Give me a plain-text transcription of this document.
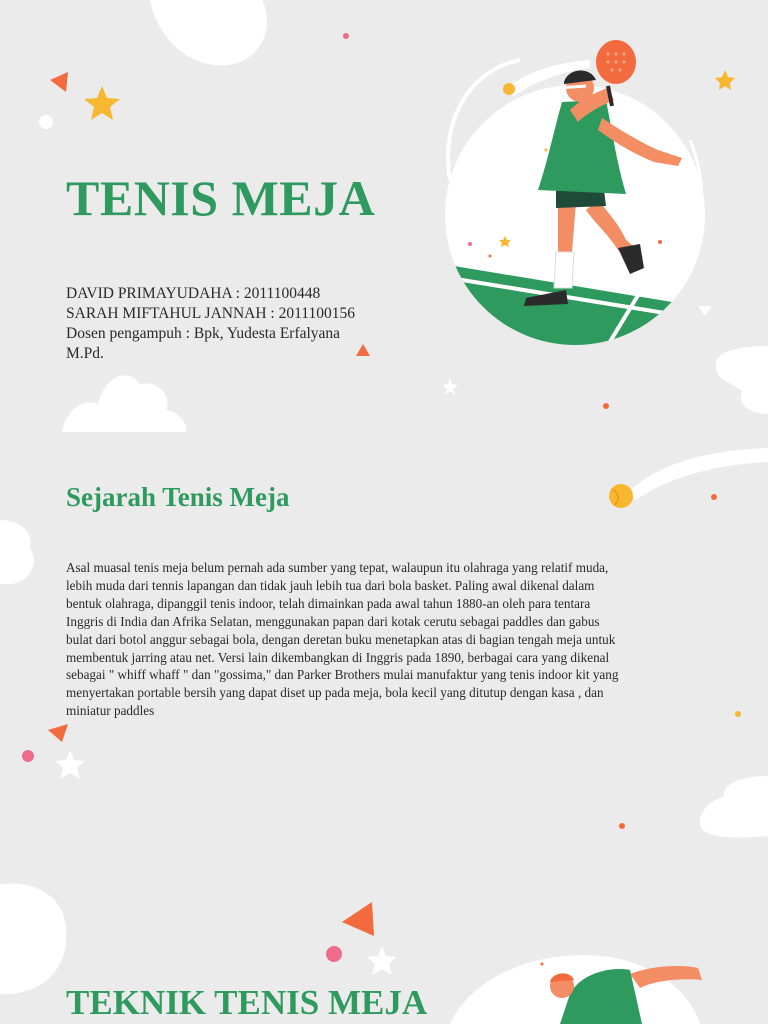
TENIS MEJA
DAVID PRIMAYUDAHA : 2011100448
SARAH MIFTAHUL JANNAH : 2011100156
Dosen pengampuh : Bpk, Yudesta Erfalyana
M.Pd.
Sejarah Tenis Meja

Asal muasal tenis meja belum pernah ada sumber yang tepat, walaupun itu olahraga yang relatif muda,
lebih muda dari tennis lapangan dan tidak jauh lebih tua dari bola basket. Paling awal dikenal dalam
bentuk olahraga, dipanggil tenis indoor, telah dimainkan pada awal tahun 1880-an oleh para tentara
Inggris di India dan Afrika Selatan, menggunakan papan dari kotak cerutu sebagai paddles dan gabus
bulat dari botol anggur sebagai bola, dengan deretan buku menetapkan atas di bagian tengah meja untuk
membentuk jarring atau net. Versi lain dikembangkan di Inggris pada 1890, berbagai cara yang dikenal
sebagai " whiff whaff " dan "gossima," dan Parker Brothers mulai manufaktur yang tenis indoor kit yang
menyertakan portable bersih yang dapat diset up pada meja, bola kecil yang ditutup dengan kasa , dan
miniatur paddles

TEKNIK TENIS MEJA
